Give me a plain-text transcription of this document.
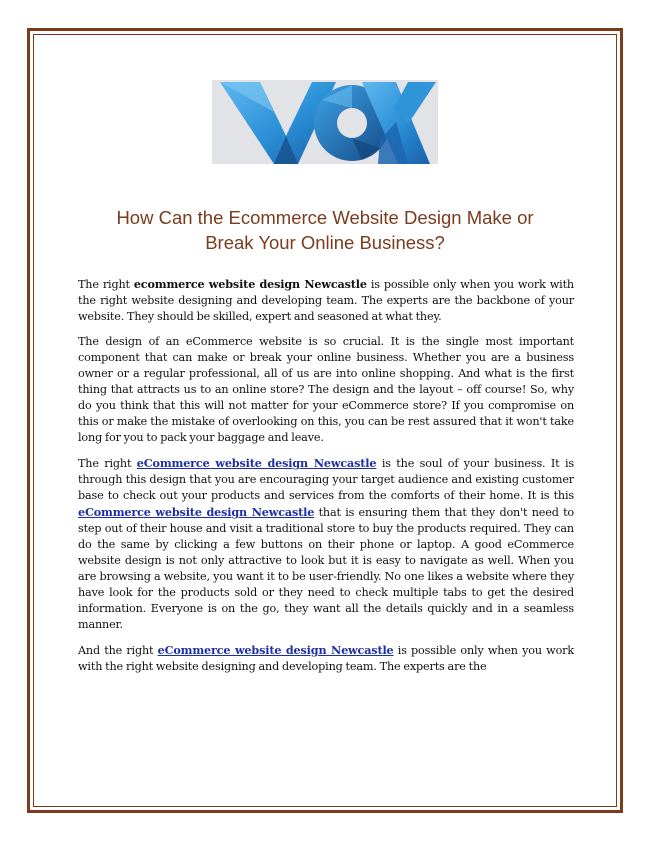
How Can the Ecommerce Website Design Make or
Break Your Online Business?

The right ecommerce website design Newcastle is possible only when you work with the right website designing and developing team. The experts are the backbone of your website. They should be skilled, expert and seasoned at what they.

The design of an eCommerce website is so crucial. It is the single most important component that can make or break your online business. Whether you are a business owner or a regular professional, all of us are into online shopping. And what is the first thing that attracts us to an online store? The design and the layout – off course! So, why do you think that this will not matter for your eCommerce store? If you compromise on this or make the mistake of overlooking on this, you can be rest assured that it won't take long for you to pack your baggage and leave.

The right eCommerce website design Newcastle is the soul of your business. It is through this design that you are encouraging your target audience and existing customer base to check out your products and services from the comforts of their home. It is this eCommerce website design Newcastle that is ensuring them that they don't need to step out of their house and visit a traditional store to buy the products required. They can do the same by clicking a few buttons on their phone or laptop. A good eCommerce website design is not only attractive to look but it is easy to navigate as well. When you are browsing a website, you want it to be user-friendly. No one likes a website where they have look for the products sold or they need to check multiple tabs to get the desired information. Everyone is on the go, they want all the details quickly and in a seamless manner.

And the right eCommerce website design Newcastle is possible only when you work with the right website designing and developing team. The experts are the
